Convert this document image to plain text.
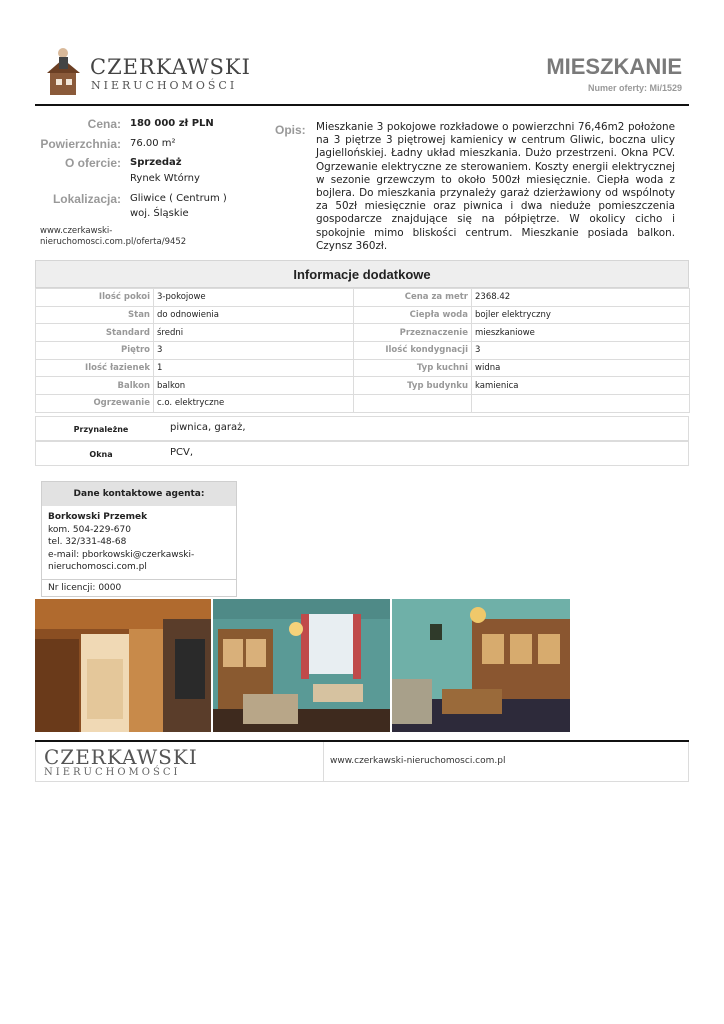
CZERKAWSKI
NIERUCHOMOŚCI
MIESZKANIE
Numer oferty: Mi/1529
Cena: 180 000 zł PLN
Powierzchnia: 76.00 m²
O ofercie: Sprzedaż
Rynek Wtórny
Lokalizacja: Gliwice ( Centrum )
woj. Śląskie
www.czerkawski-nieruchomosci.com.pl/oferta/9452
Opis: Mieszkanie 3 pokojowe rozkładowe o powierzchni 76,46m2 położone na 3 piętrze 3 piętrowej kamienicy w centrum Gliwic, boczna ulicy Jagiellońskiej. Ładny układ mieszkania. Dużo przestrzeni. Okna PCV. Ogrzewanie elektryczne ze sterowaniem. Koszty energii elektrycznej w sezonie grzewczym to około 500zł miesięcznie. Ciepła woda z bojlera. Do mieszkania przynależy garaż dzierżawiony od wspólnoty za 50zł miesięcznie oraz piwnica i dwa nieduże pomieszczenia gospodarcze znajdujące się na półpiętrze. W okolicy cicho i spokojnie mimo bliskości centrum. Mieszkanie posiada balkon. Czynsz 360zł.
Informacje dodatkowe
Ilość pokoi	3-pokojowe	Cena za metr	2368.42
Stan	do odnowienia	Ciepła woda	bojler elektryczny
Standard	średni	Przeznaczenie	mieszkaniowe
Piętro	3	Ilość kondygnacji	3
Ilość łazienek	1	Typ kuchni	widna
Balkon	balkon	Typ budynku	kamienica
Ogrzewanie	c.o. elektryczne		
Przynależne	piwnica, garaż,
Okna	PCV,
Dane kontaktowe agenta:
Borkowski Przemek
kom. 504-229-670
tel. 32/331-48-68
e-mail: pborkowski@czerkawski-nieruchomosci.com.pl
Nr licencji: 0000
CZERKAWSKI
NIERUCHOMOŚCI
www.czerkawski-nieruchomosci.com.pl
